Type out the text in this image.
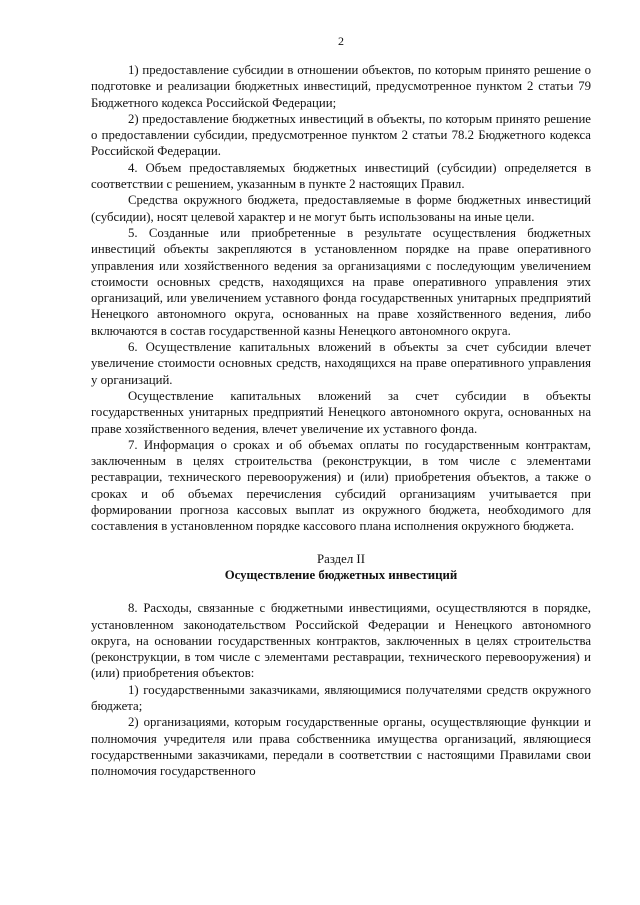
2

1) предоставление субсидии в отношении объектов, по которым принято решение о подготовке и реализации бюджетных инвестиций, предусмотренное пунктом 2 статьи 79 Бюджетного кодекса Российской Федерации;

2) предоставление бюджетных инвестиций в объекты, по которым принято решение о предоставлении субсидии, предусмотренное пунктом 2 статьи 78.2 Бюджетного кодекса Российской Федерации.

4. Объем предоставляемых бюджетных инвестиций (субсидии) определяется в соответствии с решением, указанным в пункте 2 настоящих Правил.

Средства окружного бюджета, предоставляемые в форме бюджетных инвестиций (субсидии), носят целевой характер и не могут быть использованы на иные цели.

5. Созданные или приобретенные в результате осуществления бюджетных инвестиций объекты закрепляются в установленном порядке на праве оперативного управления или хозяйственного ведения за организациями с последующим увеличением стоимости основных средств, находящихся на праве оперативного управления этих организаций, или увеличением уставного фонда государственных унитарных предприятий Ненецкого автономного округа, основанных на праве хозяйственного ведения, либо включаются в состав государственной казны Ненецкого автономного округа.

6. Осуществление капитальных вложений в объекты за счет субсидии влечет увеличение стоимости основных средств, находящихся на праве оперативного управления у организаций.

Осуществление капитальных вложений за счет субсидии в объекты государственных унитарных предприятий Ненецкого автономного округа, основанных на праве хозяйственного ведения, влечет увеличение их уставного фонда.

7. Информация о сроках и об объемах оплаты по государственным контрактам, заключенным в целях строительства (реконструкции, в том числе с элементами реставрации, технического перевооружения) и (или) приобретения объектов, а также о сроках и об объемах перечисления субсидий организациям учитывается при формировании прогноза кассовых выплат из окружного бюджета, необходимого для составления в установленном порядке кассового плана исполнения окружного бюджета.

Раздел II

Осуществление бюджетных инвестиций

8. Расходы, связанные с бюджетными инвестициями, осуществляются в порядке, установленном законодательством Российской Федерации и Ненецкого автономного округа, на основании государственных контрактов, заключенных в целях строительства (реконструкции, в том числе с элементами реставрации, технического перевооружения) и (или) приобретения объектов:

1) государственными заказчиками, являющимися получателями средств окружного бюджета;

2) организациями, которым государственные органы, осуществляющие функции и полномочия учредителя или права собственника имущества организаций, являющиеся государственными заказчиками, передали в соответствии с настоящими Правилами свои полномочия государственного
